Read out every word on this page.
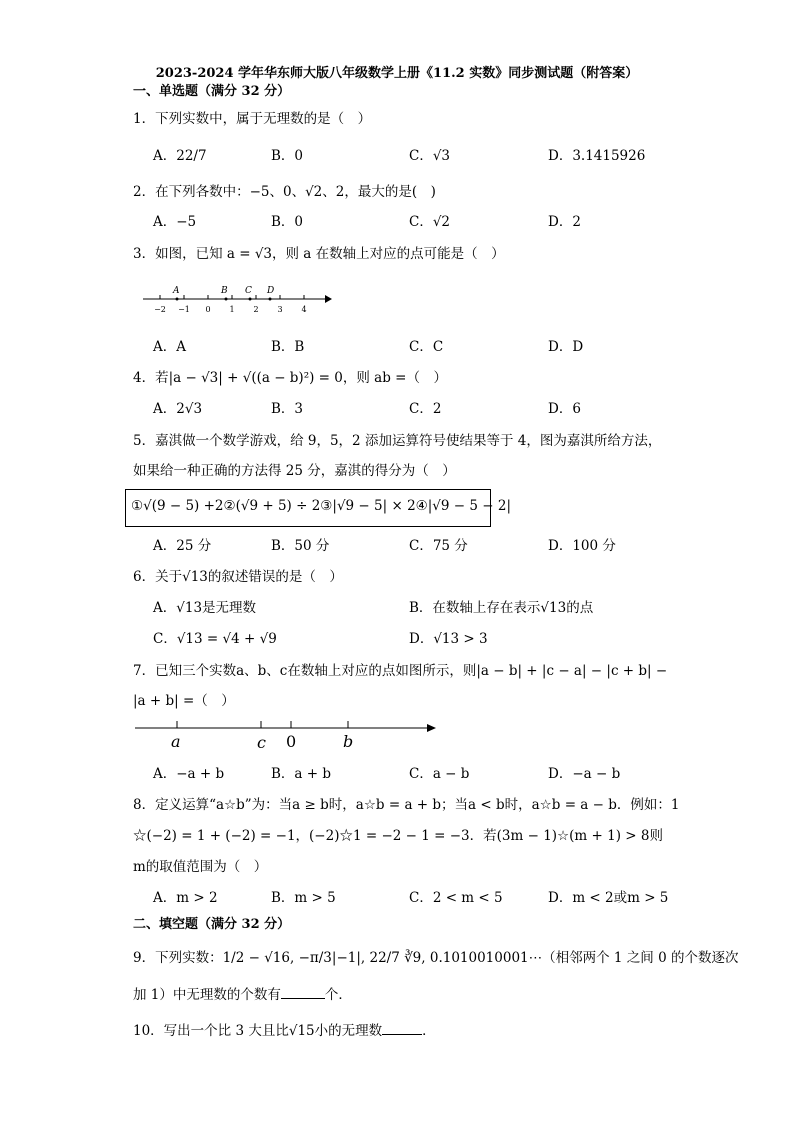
2023-2024 学年华东师大版八年级数学上册《11.2 实数》同步测试题（附答案）
一、单选题（满分 32 分）
1．下列实数中，属于无理数的是（　）
A．22/7	B．0	C．√3	D．3.1415926
2．在下列各数中：−5、0、√2、2，最大的是(　)
A．−5	B．0	C．√2	D．2
3．如图，已知 a = √3，则 a 在数轴上对应的点可能是（　）
A	B C D
−2 −1 0 1 2 3 4
A．A	B．B	C．C	D．D
4．若|a − √3| + √((a − b)²) = 0，则 ab =（　）
A．2√3	B．3	C．2	D．6
5．嘉淇做一个数学游戏，给 9，5，2 添加运算符号使结果等于 4，图为嘉淇所给方法，
如果给一种正确的方法得 25 分，嘉淇的得分为（　）
①√(9 − 5) +2②(√9 + 5) ÷ 2③|√9 − 5| × 2④|√9 − 5 − 2|
A．25 分	B．50 分	C．75 分	D．100 分
6．关于√13的叙述错误的是（　）
A．√13是无理数	B．在数轴上存在表示√13的点
C．√13 = √4 + √9	D．√13 > 3
7．已知三个实数a、b、c在数轴上对应的点如图所示，则|a − b| + |c − a| − |c + b| −
|a + b| =（　）
a	c 0	b
A．−a + b	B．a + b	C．a − b	D．−a − b
8．定义运算“a☆b”为：当a ≥ b时，a☆b = a + b；当a < b时，a☆b = a − b．例如：1
☆(−2) = 1 + (−2) = −1，(−2)☆1 = −2 − 1 = −3．若(3m − 1)☆(m + 1) > 8则
m的取值范围为（　）
A．m > 2	B．m > 5	C．2 < m < 5	D．m < 2或m > 5
二、填空题（满分 32 分）
9．下列实数：1/2 − √16, −π/3|−1|, 22/7 ∛9, 0.1010010001⋯（相邻两个 1 之间 0 的个数逐次
加 1）中无理数的个数有	个．
10．写出一个比 3 大且比√15小的无理数	．
